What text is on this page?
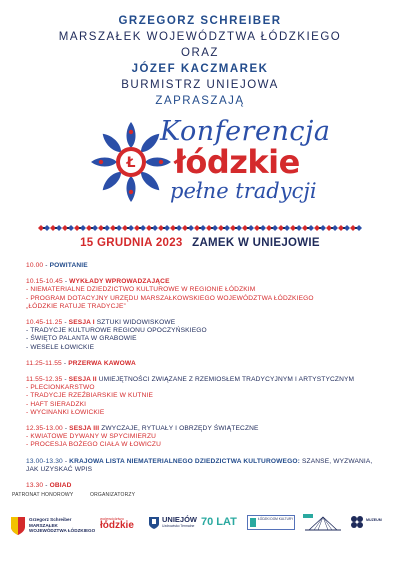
GRZEGORZ SCHREIBER
MARSZAŁEK WOJEWÓDZTWA ŁÓDZKIEGO
ORAZ
JÓZEF KACZMAREK
BURMISTRZ UNIEJOWA
ZAPRASZAJĄ
Ł
Konferencja
łódzkie
pełne tradycji
15 GRUDNIA 2023 ZAMEK W UNIEJOWIE
10.00 - POWITANIE
10.15-10.45 - WYKŁADY WPROWADZAJĄCE
- NIEMATERIALNE DZIEDZICTWO KULTUROWE W REGIONIE ŁÓDZKIM
- PROGRAM DOTACYJNY URZĘDU MARSZAŁKOWSKIEGO WOJEWÓDZTWA ŁÓDZKIEGO
„ŁÓDZKIE RATUJE TRADYCJE”
10.45-11.25 - SESJA I SZTUKI WIDOWISKOWE
- TRADYCJE KULTUROWE REGIONU OPOCZYŃSKIEGO
- ŚWIĘTO PALANTA W GRABOWIE
- WESELE ŁOWICKIE
11.25-11.55 - PRZERWA KAWOWA
11.55-12.35 - SESJA II UMIEJĘTNOŚCI ZWIĄZANE Z RZEMIOSŁEM TRADYCYJNYM I ARTYSTYCZNYM
- PLECIONKARSTWO
- TRADYCJE RZEŹBIARSKIE W KUTNIE
- HAFT SIERADZKI
- WYCINANKI ŁOWICKIE
12.35-13.00 - SESJA III ZWYCZAJE, RYTUAŁY I OBRZĘDY ŚWIĄTECZNE
- KWIATOWE DYWANY W SPYCIMIERZU
- PROCESJA BOŻEGO CIAŁA W ŁOWICZU
13.00-13.30 - KRAJOWA LISTA NIEMATERIALNEGO DZIEDZICTWA KULTUROWEGO: SZANSE, WYZWANIA, JAK UZYSKAĆ WPIS
13.30 - OBIAD
PATRONAT HONOROWY	ORGANIZATORZY
Grzegorz Schreiber
MARSZAŁEK
WOJEWÓDZTWA ŁÓDZKIEGO
województwo
łódzkie
UNIEJÓW
Uzdrowisko Termalne 70 LAT	ŁÓDZKI DOM KULTURY	MUZEUM
